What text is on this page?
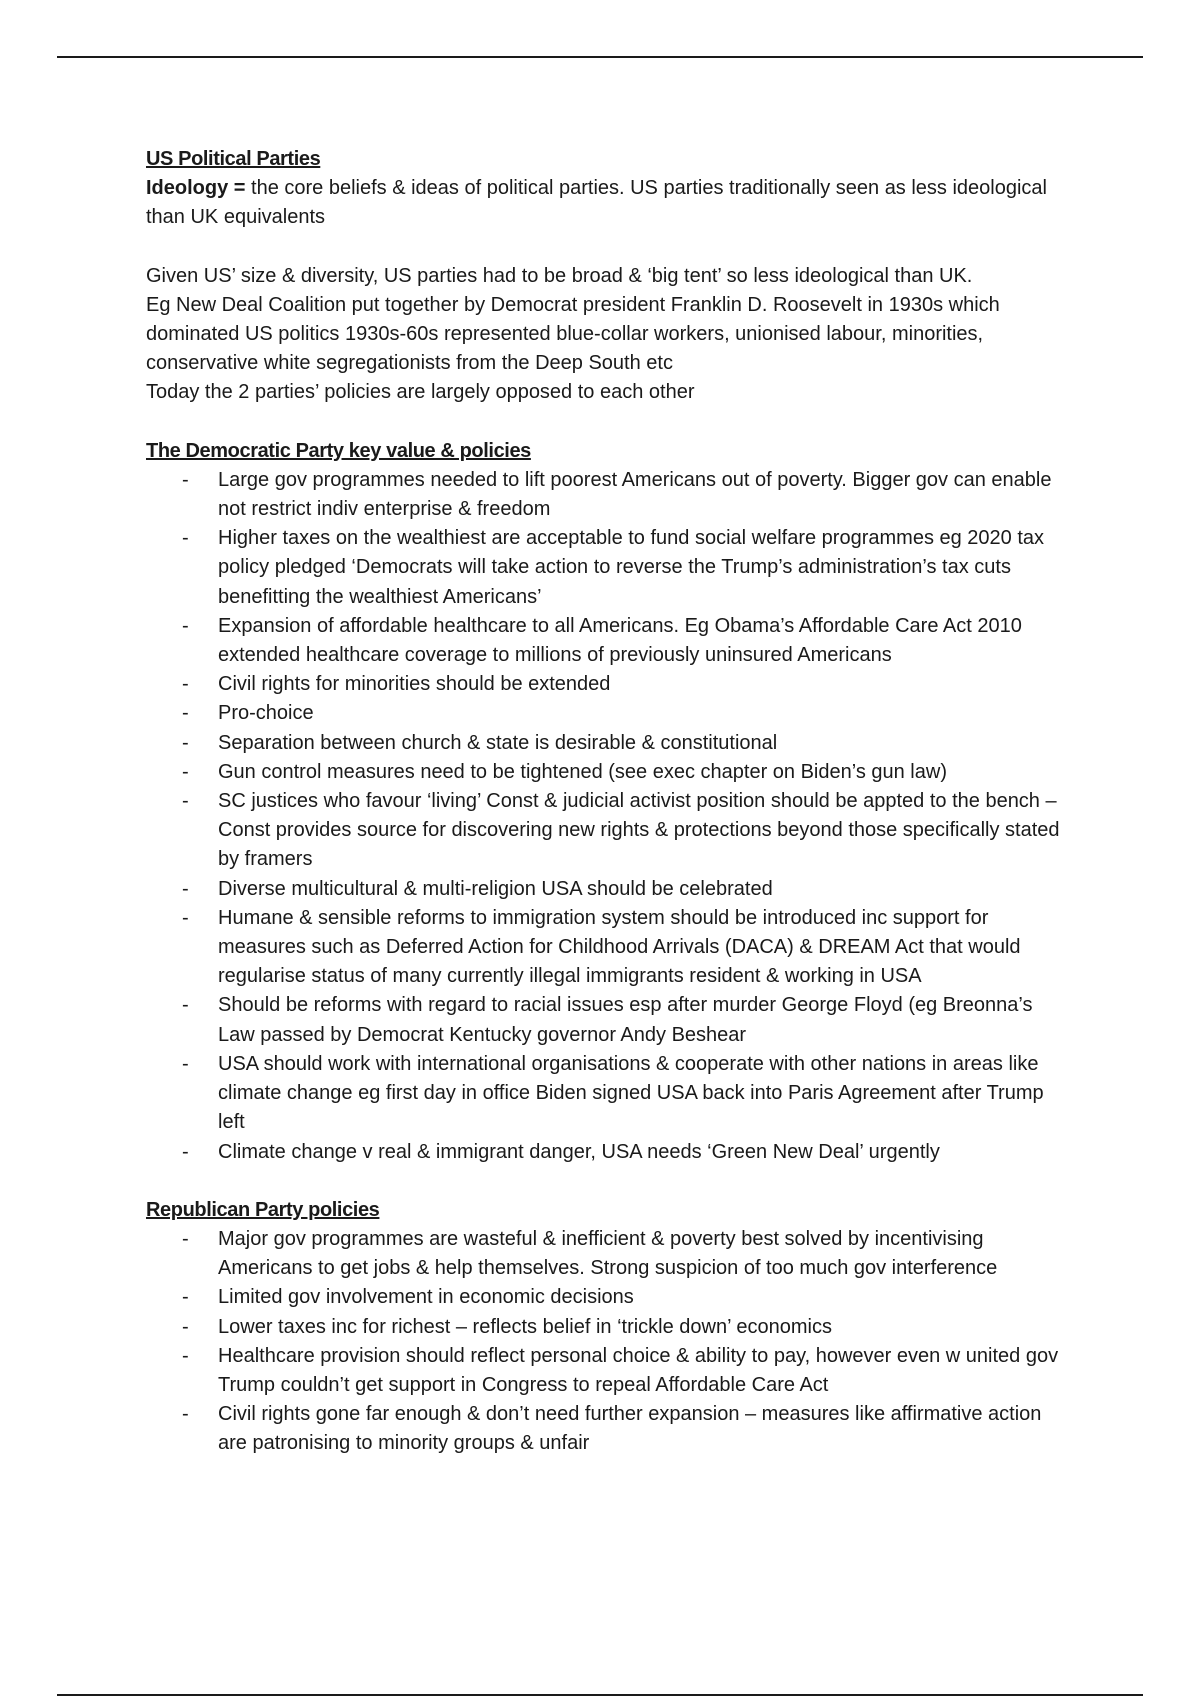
US Political Parties

Ideology = the core beliefs & ideas of political parties. US parties traditionally seen as less ideological than UK equivalents

Given US’ size & diversity, US parties had to be broad & ‘big tent’ so less ideological than UK.

Eg New Deal Coalition put together by Democrat president Franklin D. Roosevelt in 1930s which dominated US politics 1930s-60s represented blue-collar workers, unionised labour, minorities, conservative white segregationists from the Deep South etc

Today the 2 parties’ policies are largely opposed to each other

The Democratic Party key value & policies
- Large gov programmes needed to lift poorest Americans out of poverty. Bigger gov can enable not restrict indiv enterprise & freedom
- Higher taxes on the wealthiest are acceptable to fund social welfare programmes eg 2020 tax policy pledged ‘Democrats will take action to reverse the Trump’s administration’s tax cuts benefitting the wealthiest Americans’
- Expansion of affordable healthcare to all Americans. Eg Obama’s Affordable Care Act 2010 extended healthcare coverage to millions of previously uninsured Americans
- Civil rights for minorities should be extended
- Pro-choice
- Separation between church & state is desirable & constitutional
- Gun control measures need to be tightened (see exec chapter on Biden’s gun law)
- SC justices who favour ‘living’ Const & judicial activist position should be appted to the bench – Const provides source for discovering new rights & protections beyond those specifically stated by framers
- Diverse multicultural & multi-religion USA should be celebrated
- Humane & sensible reforms to immigration system should be introduced inc support for measures such as Deferred Action for Childhood Arrivals (DACA) & DREAM Act that would regularise status of many currently illegal immigrants resident & working in USA
- Should be reforms with regard to racial issues esp after murder George Floyd (eg Breonna’s Law passed by Democrat Kentucky governor Andy Beshear
- USA should work with international organisations & cooperate with other nations in areas like climate change eg first day in office Biden signed USA back into Paris Agreement after Trump left
- Climate change v real & immigrant danger, USA needs ‘Green New Deal’ urgently
Republican Party policies
- Major gov programmes are wasteful & inefficient & poverty best solved by incentivising Americans to get jobs & help themselves. Strong suspicion of too much gov interference
- Limited gov involvement in economic decisions
- Lower taxes inc for richest – reflects belief in ‘trickle down’ economics
- Healthcare provision should reflect personal choice & ability to pay, however even w united gov Trump couldn’t get support in Congress to repeal Affordable Care Act
- Civil rights gone far enough & don’t need further expansion – measures like affirmative action are patronising to minority groups & unfair
